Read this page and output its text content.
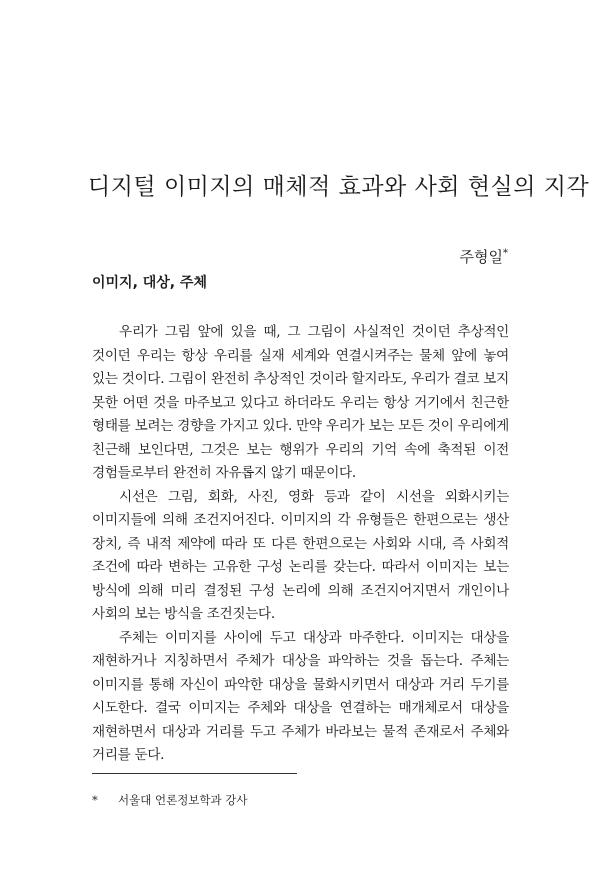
디지털 이미지의 매체적 효과와 사회 현실의 지각
주형일*
이미지, 대상, 주체

우리가 그림 앞에 있을 때, 그 그림이 사실적인 것이던 추상적인 것이던 우리는 항상 우리를 실재 세계와 연결시켜주는 물체 앞에 놓여 있는 것이다. 그림이 완전히 추상적인 것이라 할지라도, 우리가 결코 보지 못한 어떤 것을 마주보고 있다고 하더라도 우리는 항상 거기에서 친근한 형태를 보려는 경향을 가지고 있다. 만약 우리가 보는 모든 것이 우리에게 친근해 보인다면, 그것은 보는 행위가 우리의 기억 속에 축적된 이전 경험들로부터 완전히 자유롭지 않기 때문이다.

시선은 그림, 회화, 사진, 영화 등과 같이 시선을 외화시키는 이미지들에 의해 조건지어진다. 이미지의 각 유형들은 한편으로는 생산 장치, 즉 내적 제약에 따라 또 다른 한편으로는 사회와 시대, 즉 사회적 조건에 따라 변하는 고유한 구성 논리를 갖는다. 따라서 이미지는 보는 방식에 의해 미리 결정된 구성 논리에 의해 조건지어지면서 개인이나 사회의 보는 방식을 조건짓는다.

주체는 이미지를 사이에 두고 대상과 마주한다. 이미지는 대상을 재현하거나 지칭하면서 주체가 대상을 파악하는 것을 돕는다. 주체는 이미지를 통해 자신이 파악한 대상을 물화시키면서 대상과 거리 두기를 시도한다. 결국 이미지는 주체와 대상을 연결하는 매개체로서 대상을 재현하면서 대상과 거리를 두고 주체가 바라보는 물적 존재로서 주체와 거리를 둔다.

* 서울대 언론정보학과 강사
